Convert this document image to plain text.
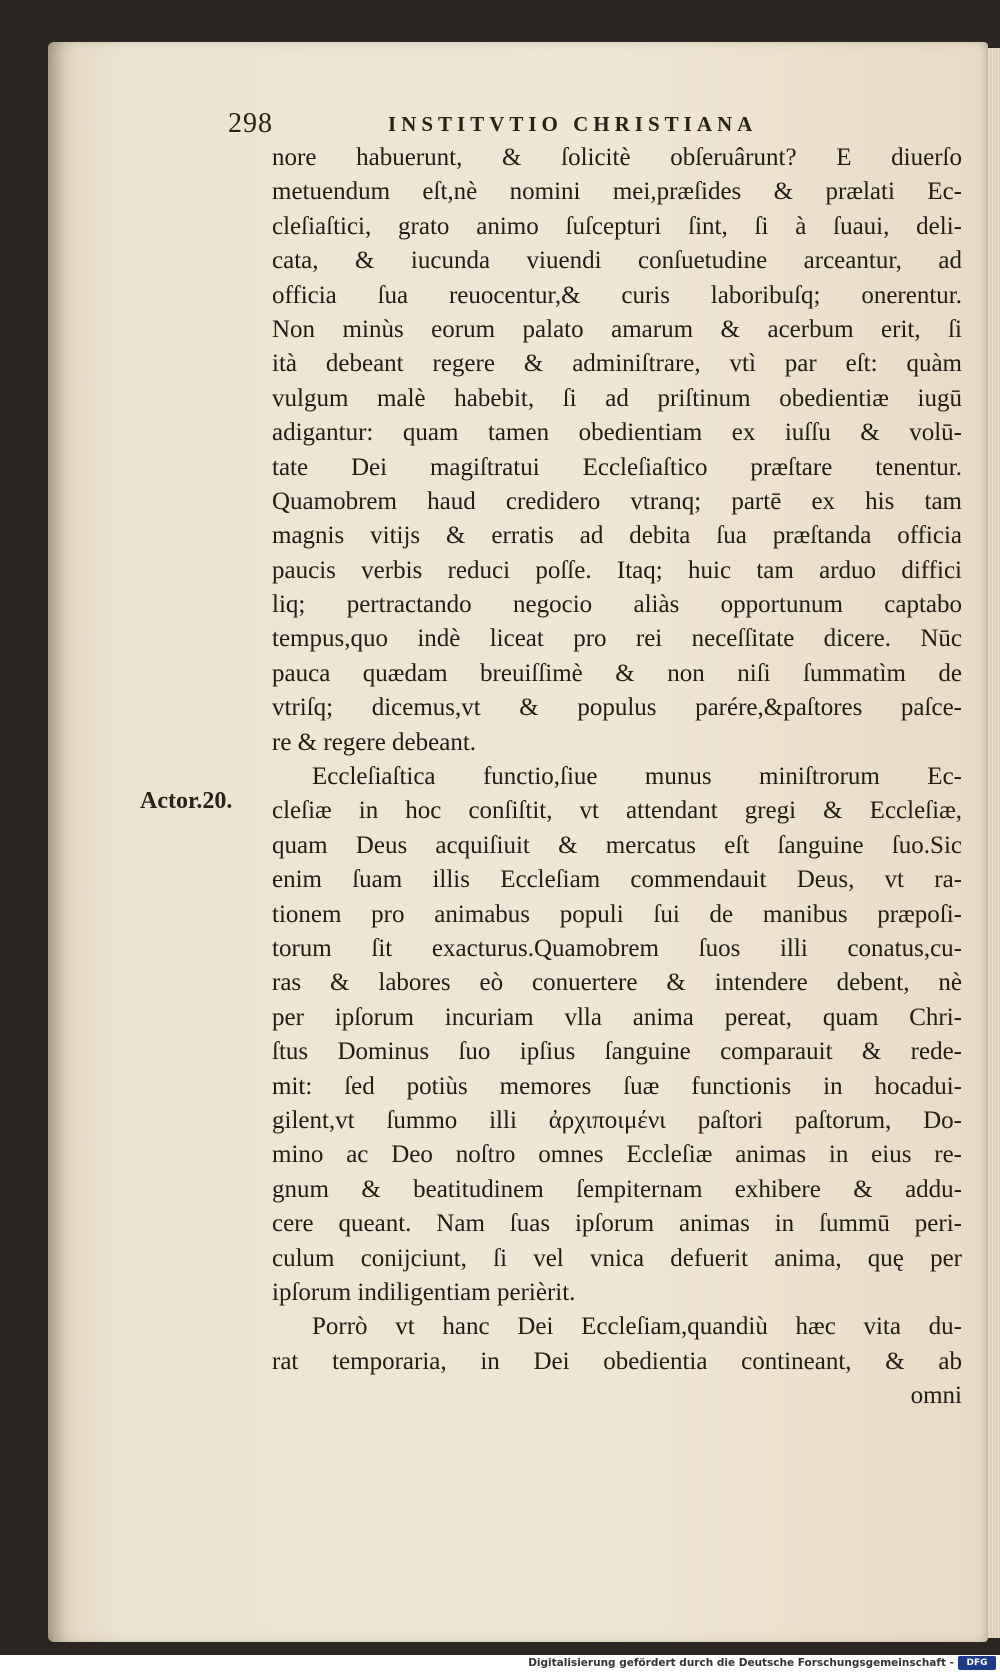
298	INSTITVTIO CHRISTIANA
Actor.20.
nore habuerunt, & ſolicitè obſeruârunt? E diuerſo
metuendum eſt,nè nomini mei,præſides & prælati Ec-
cleſiaſtici, grato animo ſuſcepturi ſint, ſi à ſuaui, deli-
cata, & iucunda viuendi conſuetudine arceantur, ad
officia ſua reuocentur,& curis laboribuſq; onerentur.
Non minùs eorum palato amarum & acerbum erit, ſi
ità debeant regere & adminiſtrare, vtì par eſt: quàm
vulgum malè habebit, ſi ad priſtinum obedientiæ iugū
adigantur: quam tamen obedientiam ex iuſſu & volū-
tate Dei magiſtratui Eccleſiaſtico præſtare tenentur.
Quamobrem haud credidero vtranq; partē ex his tam
magnis vitijs & erratis ad debita ſua præſtanda officia
paucis verbis reduci poſſe. Itaq; huic tam arduo diffici
liq; pertractando negocio aliàs opportunum captabo
tempus,quo indè liceat pro rei neceſſitate dicere. Nūc
pauca quædam breuiſſimè & non niſi ſummatìm de
vtriſq; dicemus,vt & populus parére,&paſtores paſce-
re & regere debeant.
Eccleſiaſtica functio,ſiue munus miniſtrorum Ec-
cleſiæ in hoc conſiſtit, vt attendant gregi & Eccleſiæ,
quam Deus acquiſiuit & mercatus eſt ſanguine ſuo.Sic
enim ſuam illis Eccleſiam commendauit Deus, vt ra-
tionem pro animabus populi ſui de manibus præpoſi-
torum ſit exacturus.Quamobrem ſuos illi conatus,cu-
ras & labores eò conuertere & intendere debent, nè
per ipſorum incuriam vlla anima pereat, quam Chri-
ſtus Dominus ſuo ipſius ſanguine comparauit & rede-
mit: ſed potiùs memores ſuæ functionis in hocadui-
gilent,vt ſummo illi ἀρχιποιμένι paſtori paſtorum, Do-
mino ac Deo noſtro omnes Eccleſiæ animas in eius re-
gnum & beatitudinem ſempiternam exhibere & addu-
cere queant. Nam ſuas ipſorum animas in ſummū peri-
culum conijciunt, ſi vel vnica defuerit anima, quę per
ipſorum indiligentiam perièrit.
Porrò vt hanc Dei Eccleſiam,quandiù hæc vita du-
rat temporaria, in Dei obedientia contineant, & ab
omni
Digitalisierung gefördert durch die Deutsche Forschungsgemeinschaft -	DFG
